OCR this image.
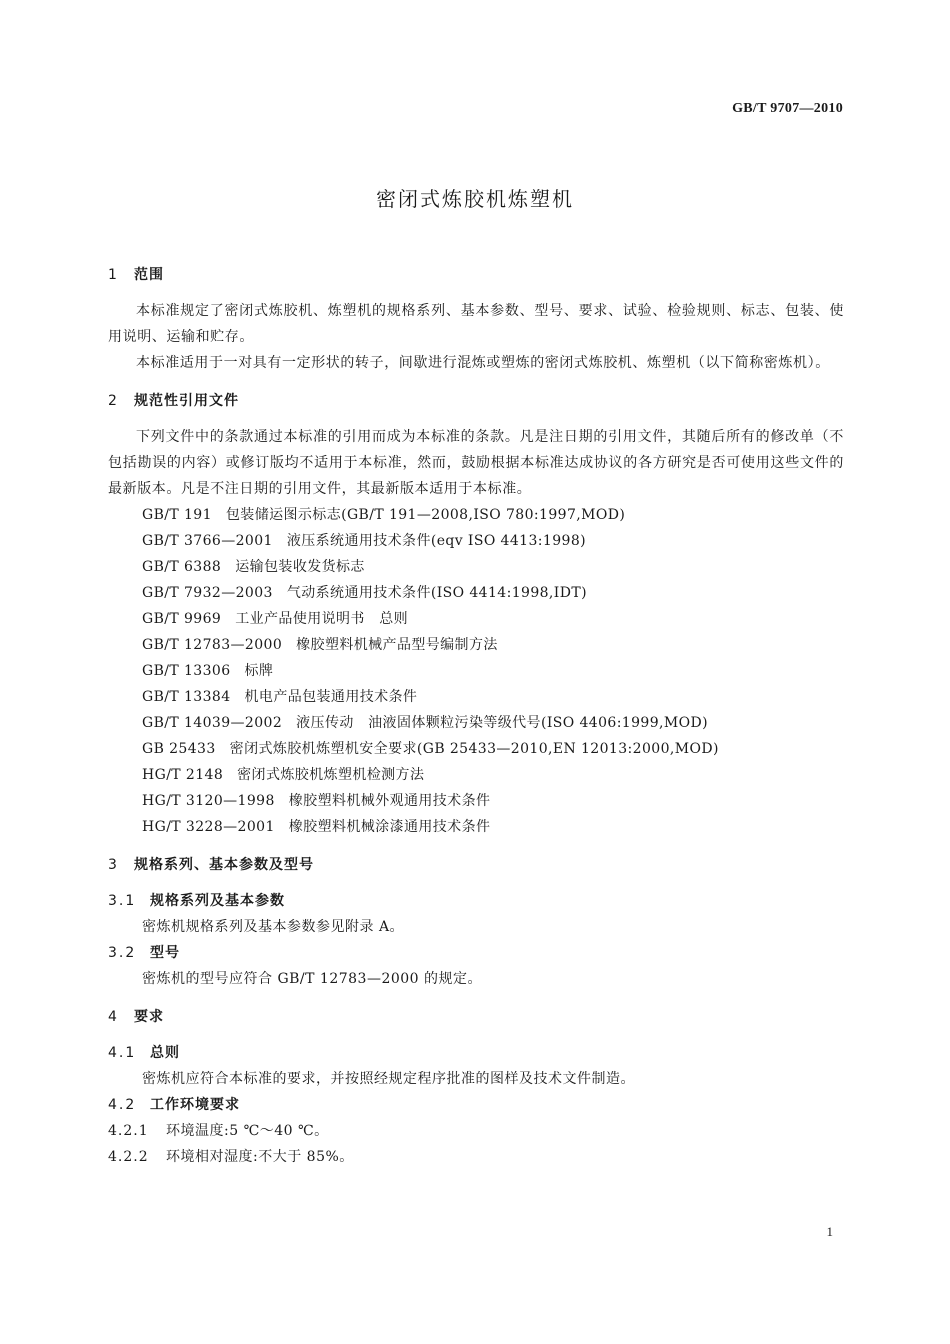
GB/T 9707—2010
密闭式炼胶机炼塑机
1 范围

本标准规定了密闭式炼胶机、炼塑机的规格系列、基本参数、型号、要求、试验、检验规则、标志、包装、使用说明、运输和贮存。

本标准适用于一对具有一定形状的转子，间歇进行混炼或塑炼的密闭式炼胶机、炼塑机（以下简称密炼机）。

2 规范性引用文件

下列文件中的条款通过本标准的引用而成为本标准的条款。凡是注日期的引用文件，其随后所有的修改单（不包括勘误的内容）或修订版均不适用于本标准，然而，鼓励根据本标准达成协议的各方研究是否可使用这些文件的最新版本。凡是不注日期的引用文件，其最新版本适用于本标准。

GB/T 191 包装储运图示标志(GB/T 191—2008,ISO 780:1997,MOD)
GB/T 3766—2001 液压系统通用技术条件(eqv ISO 4413:1998)
GB/T 6388 运输包装收发货标志
GB/T 7932—2003 气动系统通用技术条件(ISO 4414:1998,IDT)
GB/T 9969 工业产品使用说明书　总则
GB/T 12783—2000 橡胶塑料机械产品型号编制方法
GB/T 13306 标牌
GB/T 13384 机电产品包装通用技术条件
GB/T 14039—2002 液压传动　油液固体颗粒污染等级代号(ISO 4406:1999,MOD)
GB 25433 密闭式炼胶机炼塑机安全要求(GB 25433—2010,EN 12013:2000,MOD)
HG/T 2148 密闭式炼胶机炼塑机检测方法
HG/T 3120—1998 橡胶塑料机械外观通用技术条件
HG/T 3228—2001 橡胶塑料机械涂漆通用技术条件
3 规格系列、基本参数及型号
3.1 规格系列及基本参数

密炼机规格系列及基本参数参见附录 A。

3.2 型号

密炼机的型号应符合 GB/T 12783—2000 的规定。

4 要求
4.1 总则

密炼机应符合本标准的要求，并按照经规定程序批准的图样及技术文件制造。

4.2 工作环境要求

4.2.1 环境温度:5 ℃～40 ℃。

4.2.2 环境相对湿度:不大于 85%。

1
